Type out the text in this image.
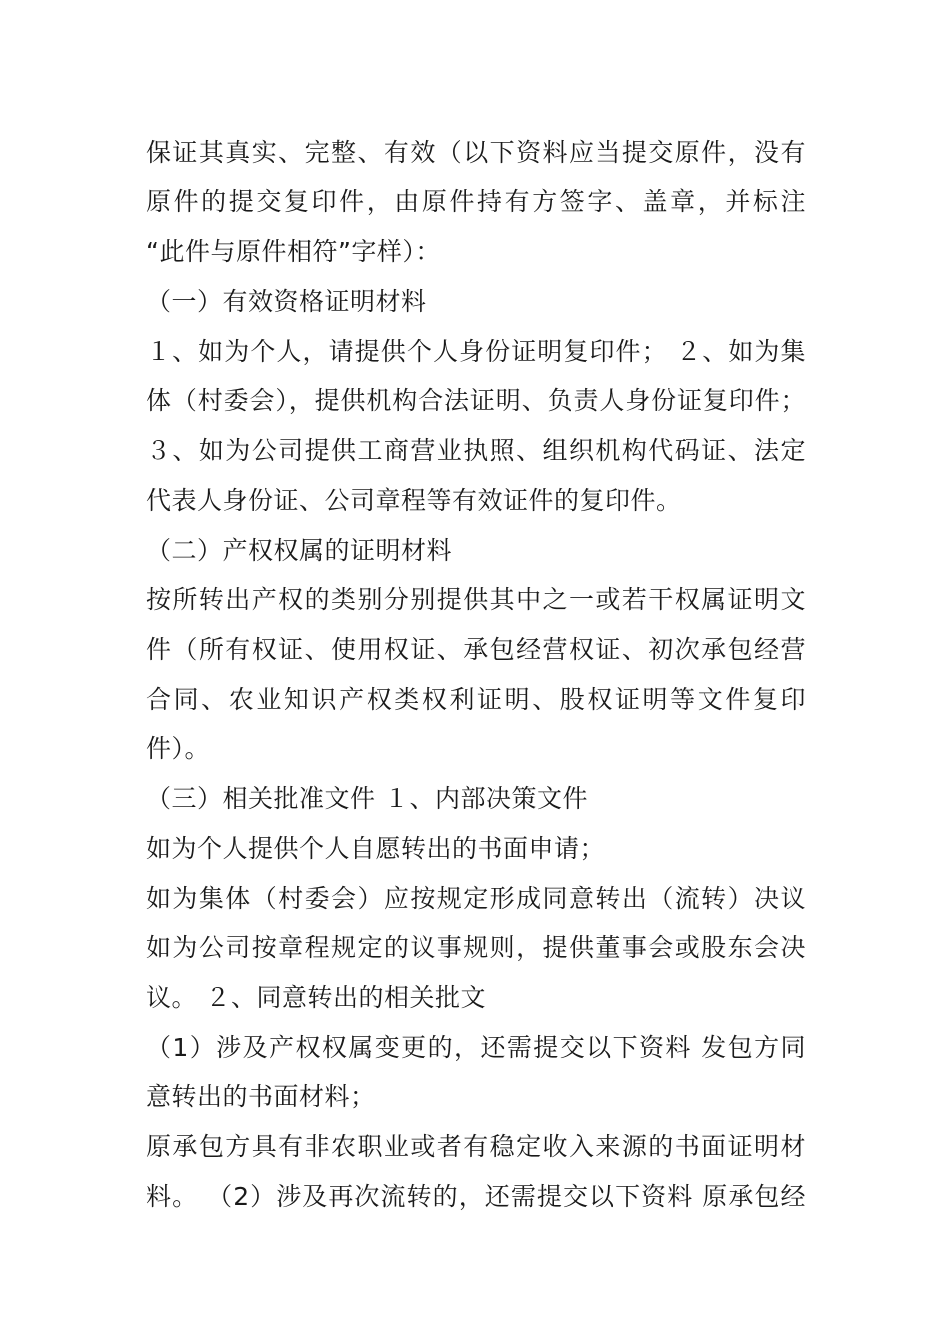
保证其真实、完整、有效（以下资料应当提交原件，没有
原件的提交复印件，由原件持有方签字、盖章，并标注
“此件与原件相符”字样）：
（一）有效资格证明材料
１、如为个人，请提供个人身份证明复印件； ２、如为集
体（村委会），提供机构合法证明、负责人身份证复印件；
３、如为公司提供工商营业执照、组织机构代码证、法定
代表人身份证、公司章程等有效证件的复印件。
（二）产权权属的证明材料
按所转出产权的类别分别提供其中之一或若干权属证明文
件（所有权证、使用权证、承包经营权证、初次承包经营
合同、农业知识产权类权利证明、股权证明等文件复印
件）。
（三）相关批准文件 １、内部决策文件
如为个人提供个人自愿转出的书面申请；
如为集体（村委会）应按规定形成同意转出（流转）决议
如为公司按章程规定的议事规则，提供董事会或股东会决
议。 ２、同意转出的相关批文
（1）涉及产权权属变更的，还需提交以下资料 发包方同
意转出的书面材料；
原承包方具有非农职业或者有稳定收入来源的书面证明材
料。 （2）涉及再次流转的，还需提交以下资料 原承包经
